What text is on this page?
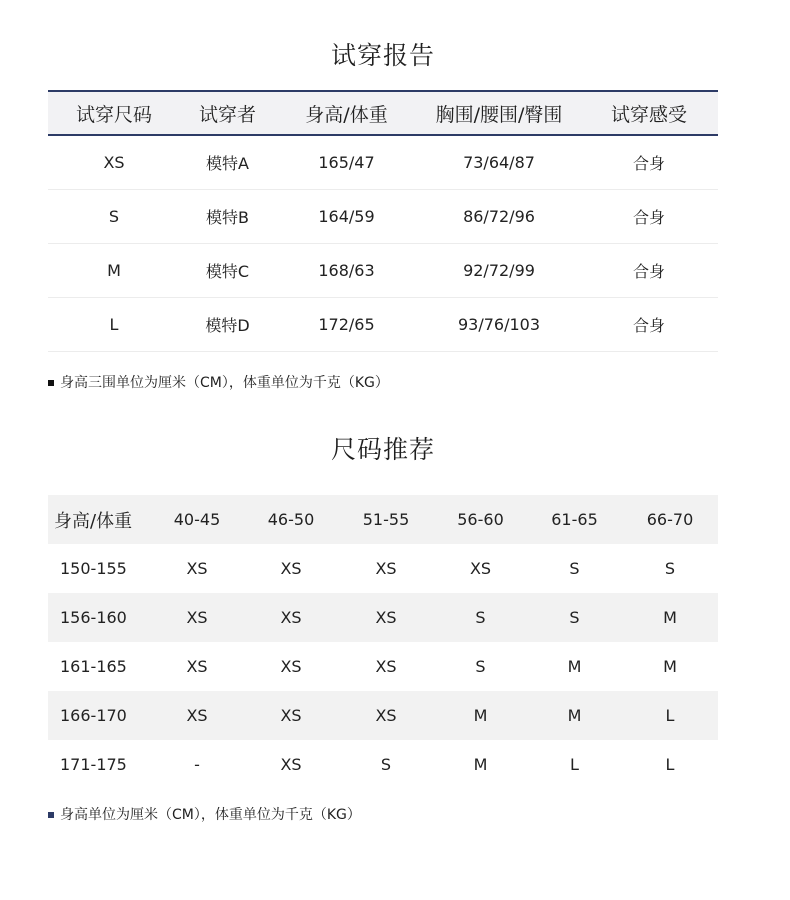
试穿报告
试穿尺码	试穿者	身高/体重	胸围/腰围/臀围	试穿感受
XS	模特A	165/47	73/64/87	合身
S	模特B	164/59	86/72/96	合身
M	模特C	168/63	92/72/99	合身
L	模特D	172/65	93/76/103	合身
身高三围单位为厘米（CM），体重单位为千克（KG）
尺码推荐
身高/体重	40-45	46-50	51-55	56-60	61-65	66-70
150-155	XS	XS	XS	XS	S	S
156-160	XS	XS	XS	S	S	M
161-165	XS	XS	XS	S	M	M
166-170	XS	XS	XS	M	M	L
171-175	-	XS	S	M	L	L
身高单位为厘米（CM），体重单位为千克（KG）
